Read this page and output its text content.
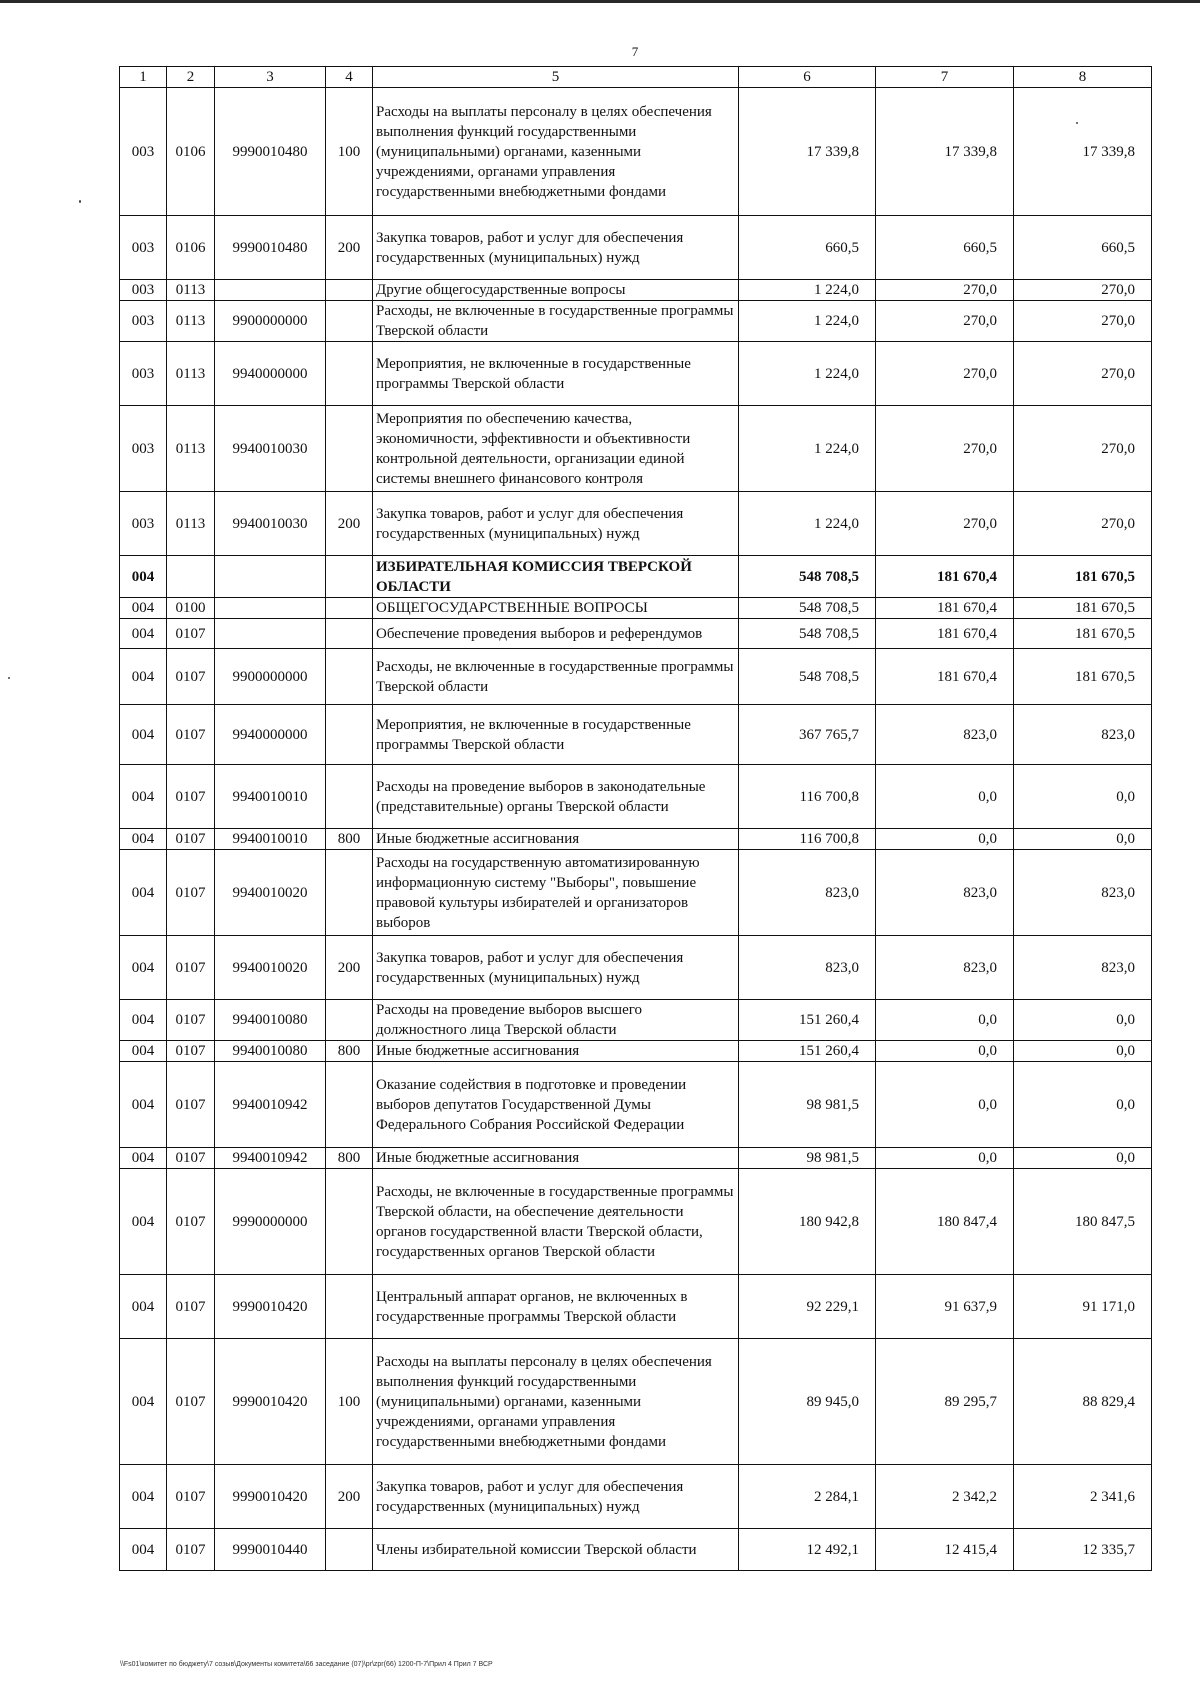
7
1	2	3	4	5	6	7	8
003	0106	9990010480	100	Расходы на выплаты персоналу в целях обеспечения выполнения функций государственными (муниципальными) органами, казенными учреждениями, органами управления государственными внебюджетными фондами	17 339,8	17 339,8	17 339,8
003	0106	9990010480	200	Закупка товаров, работ и услуг для обеспечения государственных (муниципальных) нужд	660,5	660,5	660,5
003	0113			Другие общегосударственные вопросы	1 224,0	270,0	270,0
003	0113	9900000000		Расходы, не включенные в государственные программы Тверской области	1 224,0	270,0	270,0
003	0113	9940000000		Мероприятия, не включенные в государственные программы Тверской области	1 224,0	270,0	270,0
003	0113	9940010030		Мероприятия по обеспечению качества, экономичности, эффективности и объективности контрольной деятельности, организации единой системы внешнего финансового контроля	1 224,0	270,0	270,0
003	0113	9940010030	200	Закупка товаров, работ и услуг для обеспечения государственных (муниципальных) нужд	1 224,0	270,0	270,0
004				ИЗБИРАТЕЛЬНАЯ КОМИССИЯ ТВЕРСКОЙ ОБЛАСТИ	548 708,5	181 670,4	181 670,5
004	0100			ОБЩЕГОСУДАРСТВЕННЫЕ ВОПРОСЫ	548 708,5	181 670,4	181 670,5
004	0107			Обеспечение проведения выборов и референдумов	548 708,5	181 670,4	181 670,5
004	0107	9900000000		Расходы, не включенные в государственные программы Тверской области	548 708,5	181 670,4	181 670,5
004	0107	9940000000		Мероприятия, не включенные в государственные программы Тверской области	367 765,7	823,0	823,0
004	0107	9940010010		Расходы на проведение выборов в законодательные (представительные) органы Тверской области	116 700,8	0,0	0,0
004	0107	9940010010	800	Иные бюджетные ассигнования	116 700,8	0,0	0,0
004	0107	9940010020		Расходы на государственную автоматизированную информационную систему "Выборы", повышение правовой культуры избирателей и организаторов выборов	823,0	823,0	823,0
004	0107	9940010020	200	Закупка товаров, работ и услуг для обеспечения государственных (муниципальных) нужд	823,0	823,0	823,0
004	0107	9940010080		Расходы на проведение выборов высшего должностного лица Тверской области	151 260,4	0,0	0,0
004	0107	9940010080	800	Иные бюджетные ассигнования	151 260,4	0,0	0,0
004	0107	9940010942		Оказание содействия в подготовке и проведении выборов депутатов Государственной Думы Федерального Собрания Российской Федерации	98 981,5	0,0	0,0
004	0107	9940010942	800	Иные бюджетные ассигнования	98 981,5	0,0	0,0
004	0107	9990000000		Расходы, не включенные в государственные программы Тверской области, на обеспечение деятельности органов государственной власти Тверской области, государственных органов Тверской области	180 942,8	180 847,4	180 847,5
004	0107	9990010420		Центральный аппарат органов, не включенных в государственные программы Тверской области	92 229,1	91 637,9	91 171,0
004	0107	9990010420	100	Расходы на выплаты персоналу в целях обеспечения выполнения функций государственными (муниципальными) органами, казенными учреждениями, органами управления государственными внебюджетными фондами	89 945,0	89 295,7	88 829,4
004	0107	9990010420	200	Закупка товаров, работ и услуг для обеспечения государственных (муниципальных) нужд	2 284,1	2 342,2	2 341,6
004	0107	9990010440		Члены избирательной комиссии Тверской области	12 492,1	12 415,4	12 335,7
\\Fs01\комитет по бюджету\7 созыв\Документы комитета\66 заседание (07)\pr\zpr(66) 1200-П-7\Прил 4 Прил 7 ВСР
